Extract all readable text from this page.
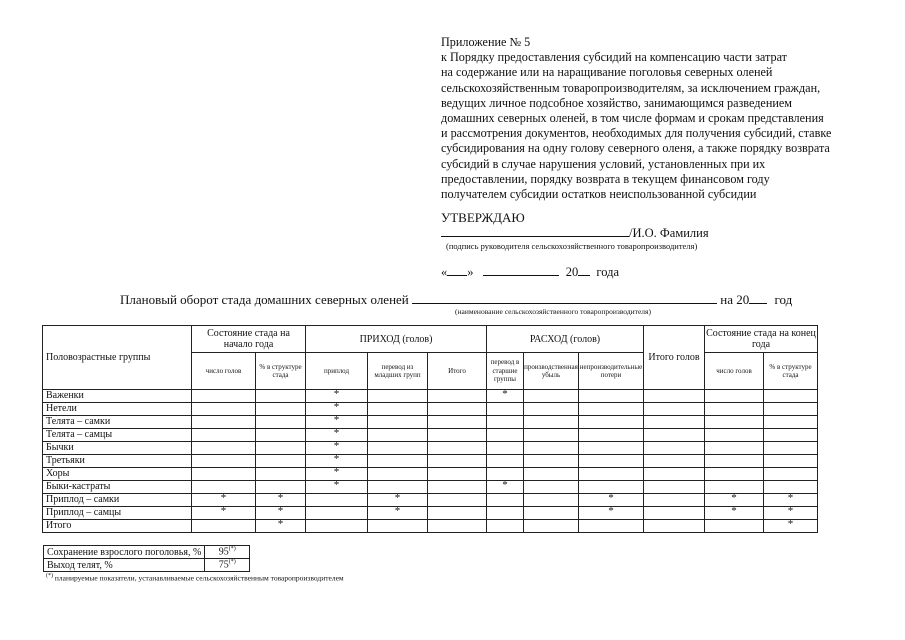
Приложение № 5
к Порядку предоставления субсидий на компенсацию части затрат
на содержание или на наращивание поголовья северных оленей
сельскохозяйственным товаропроизводителям, за исключением граждан,
ведущих личное подсобное хозяйство, занимающимся разведением
домашних северных оленей, в том числе формам и срокам представления
и рассмотрения документов, необходимых для получения субсидий, ставке
субсидирования на одну голову северного оленя, а также порядку возврата
субсидий в случае нарушения условий, установленных при их
предоставлении, порядку возврата в текущем финансовом году
получателем субсидии остатков неиспользованной субсидии
УТВЕРЖДАЮ
/И.О. Фамилия
(подпись руководителя сельскохозяйственного товаропроизводителя)
« »	20 года
Плановый оборот стада домашних северных оленей	на 20 год
(наименование сельскохозяйственного товаропроизводителя)
Половозрастные группы	Состояние стада на начало года		ПРИХОД (голов)			РАСХОД (голов)			Итого голов	Состояние стада на конец года	
	число голов	% в структуре стада	приплод	перевод из младших групп	Итого	перевод в старшие группы	производственная убыль	непроизводительные потери		число голов	% в структуре стада
Важенки			*			*					
Нетели			*								
Телята – самки			*								
Телята – самцы			*								
Бычки			*								
Третьяки			*								
Хоры			*								
Быки-кастраты			*			*					
Приплод – самки	*	*		*				*		*	*
Приплод – самцы	*	*		*				*		*	*
Итого		*									*
Сохранение взрослого поголовья, %	95(*)
Выход телят, %	75(*)
(*) планируемые показатели, устанавливаемые сельскохозяйственным товаропроизводителем
